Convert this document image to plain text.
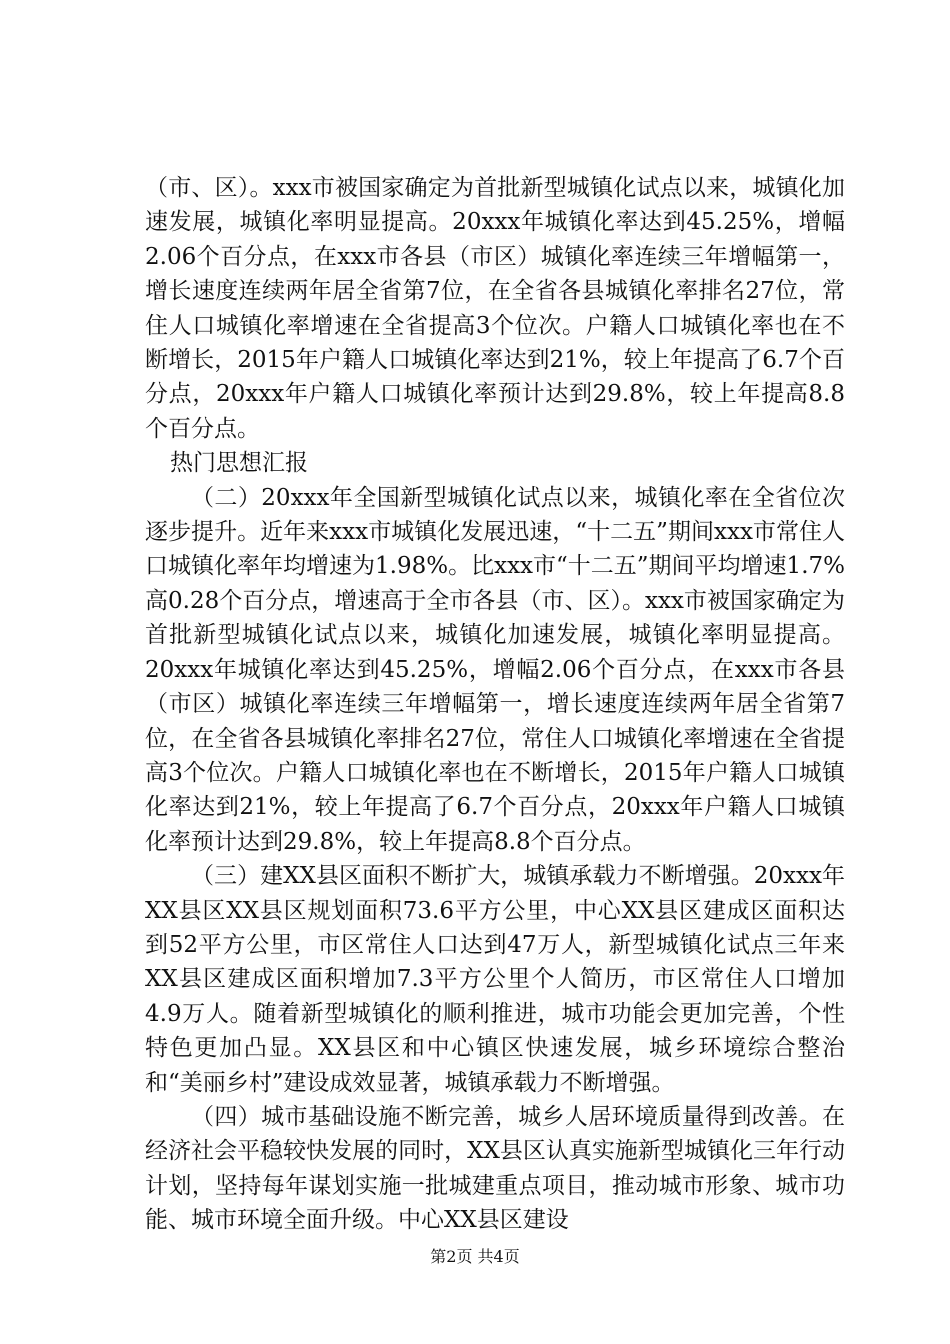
（市、区）。xxx市被国家确定为首批新型城镇化试点以来，城镇化加速发展，城镇化率明显提高。20xxx年城镇化率达到45.25%，增幅2.06个百分点，在xxx市各县（市区）城镇化率连续三年增幅第一，增长速度连续两年居全省第7位，在全省各县城镇化率排名27位，常住人口城镇化率增速在全省提高3个位次。户籍人口城镇化率也在不断增长，2015年户籍人口城镇化率达到21%，较上年提高了6.7个百分点，20xxx年户籍人口城镇化率预计达到29.8%，较上年提高8.8个百分点。

热门思想汇报

（二）20xxx年全国新型城镇化试点以来，城镇化率在全省位次逐步提升。近年来xxx市城镇化发展迅速，“十二五”期间xxx市常住人口城镇化率年均增速为1.98%。比xxx市“十二五”期间平均增速1.7%高0.28个百分点，增速高于全市各县（市、区）。xxx市被国家确定为首批新型城镇化试点以来，城镇化加速发展，城镇化率明显提高。20xxx年城镇化率达到45.25%，增幅2.06个百分点，在xxx市各县（市区）城镇化率连续三年增幅第一，增长速度连续两年居全省第7位，在全省各县城镇化率排名27位，常住人口城镇化率增速在全省提高3个位次。户籍人口城镇化率也在不断增长，2015年户籍人口城镇化率达到21%，较上年提高了6.7个百分点，20xxx年户籍人口城镇化率预计达到29.8%，较上年提高8.8个百分点。

（三）建XX县区面积不断扩大，城镇承载力不断增强。20xxx年XX县区XX县区规划面积73.6平方公里，中心XX县区建成区面积达到52平方公里，市区常住人口达到47万人，新型城镇化试点三年来XX县区建成区面积增加7.3平方公里个人简历，市区常住人口增加4.9万人。随着新型城镇化的顺利推进，城市功能会更加完善，个性特色更加凸显。XX县区和中心镇区快速发展，城乡环境综合整治和“美丽乡村”建设成效显著，城镇承载力不断增强。

（四）城市基础设施不断完善，城乡人居环境质量得到改善。在经济社会平稳较快发展的同时，XX县区认真实施新型城镇化三年行动计划，坚持每年谋划实施一批城建重点项目，推动城市形象、城市功能、城市环境全面升级。中心XX县区建设

第2页 共4页
